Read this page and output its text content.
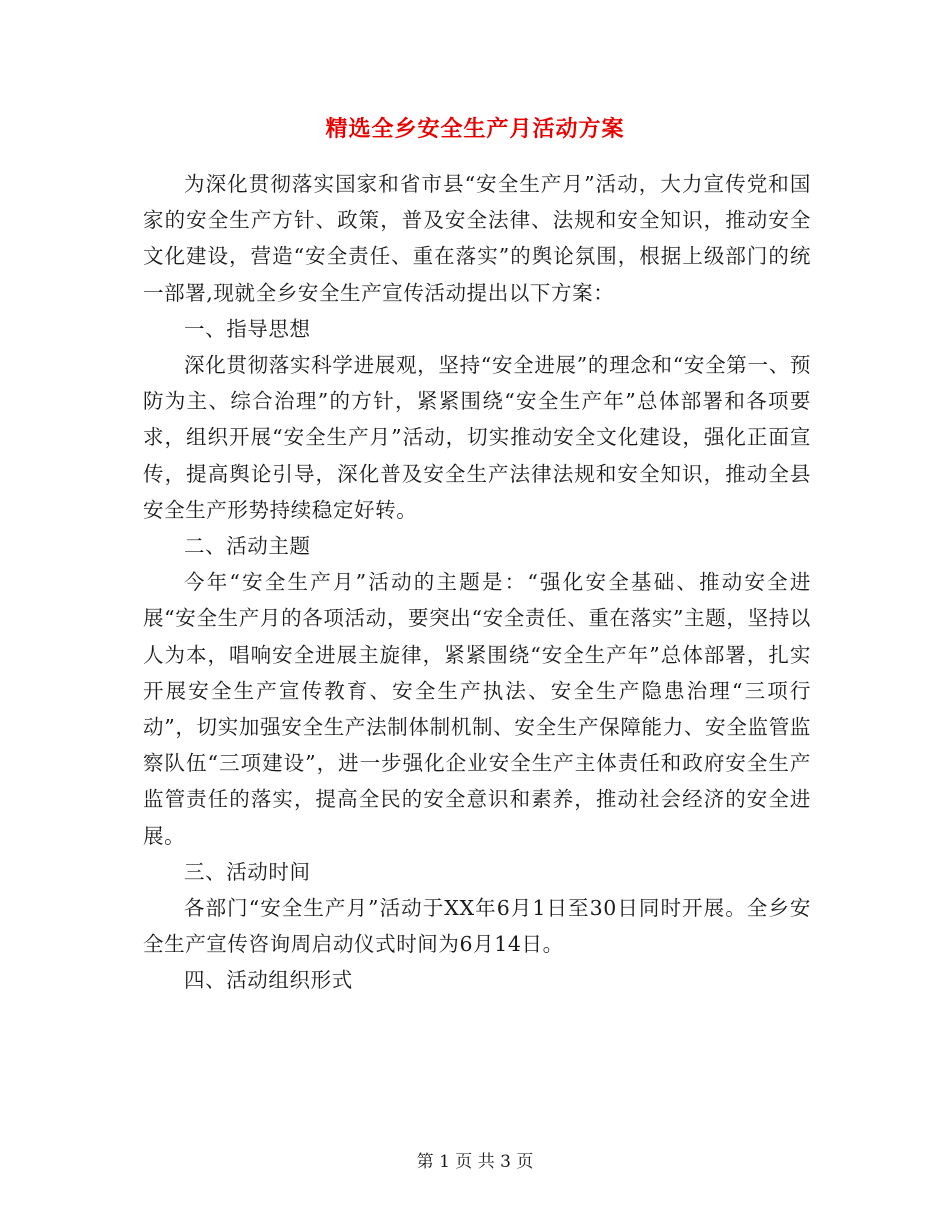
精选全乡安全生产月活动方案

为深化贯彻落实国家和省市县“安全生产月”活动，大力宣传党和国家的安全生产方针、政策，普及安全法律、法规和安全知识，推动安全文化建设，营造“安全责任、重在落实”的舆论氛围，根据上级部门的统一部署,现就全乡安全生产宣传活动提出以下方案：

一、指导思想

深化贯彻落实科学进展观，坚持“安全进展”的理念和“安全第一、预防为主、综合治理”的方针，紧紧围绕“安全生产年”总体部署和各项要求，组织开展“安全生产月”活动，切实推动安全文化建设，强化正面宣传，提高舆论引导，深化普及安全生产法律法规和安全知识，推动全县安全生产形势持续稳定好转。

二、活动主题

今年“安全生产月”活动的主题是：“强化安全基础、推动安全进展“安全生产月的各项活动，要突出“安全责任、重在落实”主题，坚持以人为本，唱响安全进展主旋律，紧紧围绕“安全生产年”总体部署，扎实开展安全生产宣传教育、安全生产执法、安全生产隐患治理“三项行动”，切实加强安全生产法制体制机制、安全生产保障能力、安全监管监察队伍“三项建设”，进一步强化企业安全生产主体责任和政府安全生产监管责任的落实，提高全民的安全意识和素养，推动社会经济的安全进展。

三、活动时间

各部门“安全生产月”活动于XX年6月1日至30日同时开展。全乡安全生产宣传咨询周启动仪式时间为6月14日。

四、活动组织形式

第 1 页 共 3 页
